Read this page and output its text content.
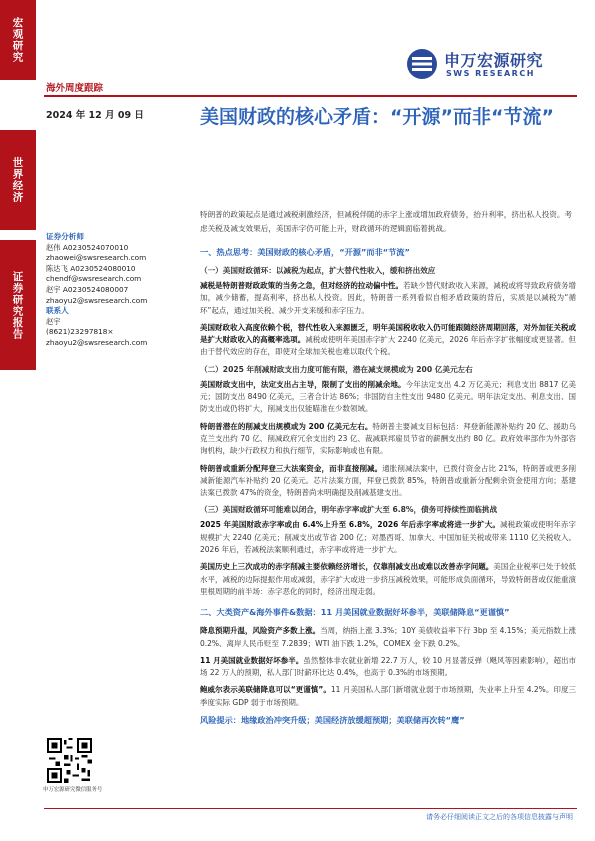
宏观研究
世界经济
证券研究报告
海外周度跟踪
2024 年 12 月 09 日
申万宏源研究
SWS RESEARCH
美国财政的核心矛盾：“开源”而非“节流”
特朗普的政策起点是通过减税刺激经济，但减税伴随的赤字上涨或增加政府债务，抬升利率，挤出私人投资。考虑关税及减支效果后，美国赤字仍可能上升，财政循环的逻辑面临着挑战。
证券分析师
赵伟 A0230524070010
zhaowei@swsresearch.com
陈达飞 A0230524080010
chendf@swsresearch.com
赵宇 A0230524080007
zhaoyu2@swsresearch.com
联系人
赵宇
(8621)23297818×
zhaoyu2@swsresearch.com
申万宏源研究微信服务号
一、热点思考：美国财政的核心矛盾，“开源”而非“节流”
（一）美国财政循环：以减税为起点，扩大替代性收入，缓和挤出效应
减税是特朗普财政政策的当务之急，但对经济的拉动偏中性。若缺少替代财政收入来源，减税或将导致政府债务增加，减少储蓄，提高利率，挤出私人投资。因此，特朗普一系列看似自相矛盾政策的背后，实质是以减税为“循环”起点，通过加关税、减少开支来缓和赤字压力。
美国财政收入高度依赖个税，替代性收入来源匮乏，明年美国税收收入仍可能跟随经济周期回落，对外加征关税或是扩大财政收入的高概率选项。减税或使明年美国赤字扩大 2240 亿美元，2026 年后赤字扩张幅度或更显著。但由于替代效应的存在，即使对全球加关税也难以取代个税。
（二）2025 年削减财政支出力度可能有限，潜在减支规模或为 200 亿美元左右
美国财政支出中，法定支出占主导，限制了支出的削减余地。今年法定支出 4.2 万亿美元；利息支出 8817 亿美元；国防支出 8490 亿美元，三者合计达 86%；非国防自主性支出 9480 亿美元。明年法定支出、利息支出、国防支出或仍将扩大，削减支出仅能瞄准在少数领域。
特朗普潜在的削减支出规模或为 200 亿美元左右。特朗普主要减支目标包括：拜登新能源补贴约 20 亿、援助乌克兰支出约 70 亿、削减政府冗余支出约 23 亿、裁减联邦雇员节省的薪酬支出约 80 亿。政府效率部作为外部咨询机构，缺少行政权力和执行细节，实际影响或也有限。
特朗普或重新分配拜登三大法案资金，而非直接削减。通胀削减法案中，已拨付资金占比 21%，特朗普或更多削减新能源汽车补贴约 20 亿美元。芯片法案方面，拜登已拨款 85%，特朗普或重新分配剩余资金使用方向；基建法案已拨款 47%的资金，特朗普尚未明确提及削减基建支出。
（三）美国财政循环可能难以闭合，明年赤字率或扩大至 6.8%，债务可持续性面临挑战
2025 年美国财政赤字率或由 6.4%上升至 6.8%，2026 年后赤字率或将进一步扩大。减税政策或使明年赤字规模扩大 2240 亿美元；削减支出或节省 200 亿；对墨西哥、加拿大、中国加征关税或带来 1110 亿关税收入。2026 年后，若减税法案顺利通过，赤字率或将进一步扩大。
美国历史上三次成功的赤字削减主要依赖经济增长，仅靠削减支出或难以改善赤字问题。美国企业税率已处于较低水平，减税的边际提振作用或减弱，赤字扩大或进一步挤压减税效果，可能形成负面循环，导致特朗普或仅能重演里根周期的前半场：赤字恶化的同时，经济出现走弱。
二、大类资产&海外事件&数据：11 月美国就业数据好坏参半，美联储降息“更谨慎”
降息预期升温，风险资产多数上涨。当周，纳指上涨 3.3%；10Y 美债收益率下行 3bp 至 4.15%；美元指数上涨 0.2%、离岸人民币贬至 7.2839；WTI 油下跌 1.2%，COMEX 金下跌 0.2%。
11 月美国就业数据好坏参半。虽然整体非农就业新增 22.7 万人，较 10 月显著反弹（飓风等因素影响），超出市场 22 万人的预期，私人部门时薪环比达 0.4%，也高于 0.3%的市场预期。
鲍威尔表示美联储降息可以“更谨慎”。11 月美国私人部门新增就业弱于市场预期，失业率上升至 4.2%。印度三季度实际 GDP 弱于市场预期。
风险提示：地缘政治冲突升级；美国经济放缓超预期；美联储再次转“鹰”
请务必仔细阅读正文之后的各项信息披露与声明
